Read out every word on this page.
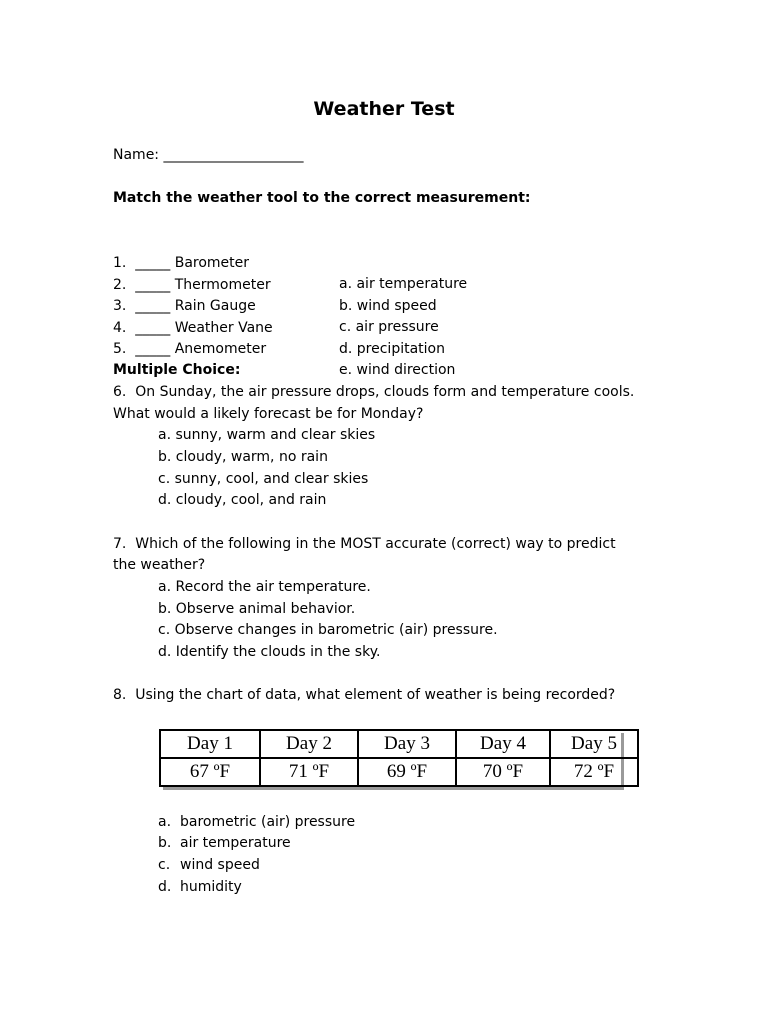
Weather Test
Name: ____________________
Match the weather tool to the correct measurement:

1.  _____ Barometer

a. air temperature

2.  _____ Thermometer

b. wind speed

3.  _____ Rain Gauge

c. air pressure

4.  _____ Weather Vane

d. precipitation

5.  _____ Anemometer

e. wind direction

Multiple Choice:
6.  On Sunday, the air pressure drops, clouds form and temperature cools.
What would a likely forecast be for Monday?
a. sunny, warm and clear skies
b. cloudy, warm, no rain
c. sunny, cool, and clear skies
d. cloudy, cool, and rain
7.  Which of the following in the MOST accurate (correct) way to predict
the weather?
a. Record the air temperature.
b. Observe animal behavior.
c. Observe changes in barometric (air) pressure.
d. Identify the clouds in the sky.
8.  Using the chart of data, what element of weather is being recorded?
Day 1	Day 2	Day 3	Day 4	Day 5
67 ºF	71 ºF	69 ºF	70 ºF	72 ºF
a. barometric (air) pressure
b. air temperature
c. wind speed
d. humidity
